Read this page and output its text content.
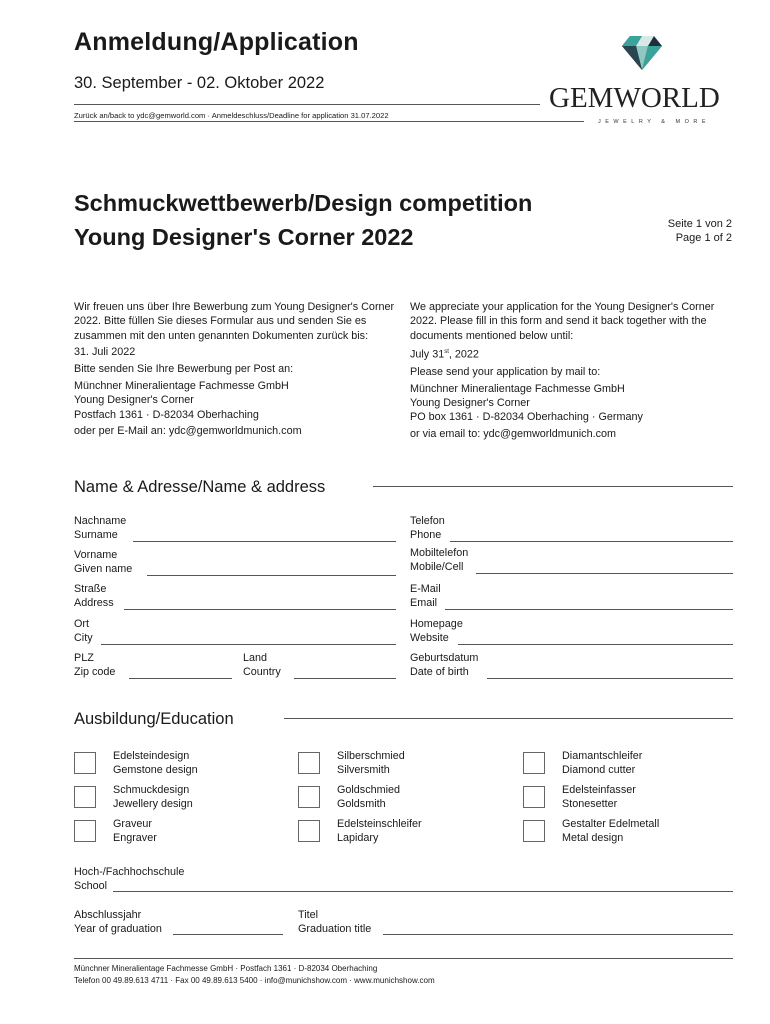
Anmeldung/Application
30. September - 02. Oktober 2022
Zurück an/back to ydc@gemworld.com · Anmeldeschluss/Deadline for application 31.07.2022
GEMWORLD
JEWELRY & MORE
Schmuckwettbewerb/Design competition
Young Designer's Corner 2022	Seite 1 von 2
Page 1 of 2

Wir freuen uns über Ihre Bewerbung zum Young Designer's Corner 2022. Bitte füllen Sie dieses Formular aus und senden Sie es zusammen mit den unten genannten Dokumenten zurück bis:

31. Juli 2022

Bitte senden Sie Ihre Bewerbung per Post an:

Münchner Mineralientage Fachmesse GmbH
Young Designer's Corner

Postfach 1361 · D-82034 Oberhaching

oder per E-Mail an: ydc@gemworldmunich.com

We appreciate your application for the Young Designer's Corner 2022. Please fill in this form and send it back together with the documents mentioned below until:

July 31st, 2022

Please send your application by mail to:

Münchner Mineralientage Fachmesse GmbH
Young Designer's Corner

PO box 1361 · D-82034 Oberhaching · Germany

or via email to: ydc@gemworldmunich.com

Name & Adresse/Name & address
Nachname
Surname
Vorname
Given name
Straße
Address
Ort
City
PLZ
Zip code
Land
Country
Telefon
Phone
Mobiltelefon
Mobile/Cell
E-Mail
Email
Homepage
Website
Geburtsdatum
Date of birth
Ausbildung/Education
Edelsteindesign
Gemstone design
Silberschmied
Silversmith
Diamantschleifer
Diamond cutter
Schmuckdesign
Jewellery design
Goldschmied
Goldsmith
Edelsteinfasser
Stonesetter
Graveur
Engraver
Edelsteinschleifer
Lapidary
Gestalter Edelmetall
Metal design
Hoch-/Fachhochschule
School
Abschlussjahr
Year of graduation
Titel
Graduation title
Münchner Mineralientage Fachmesse GmbH · Postfach 1361 · D-82034 Oberhaching
Telefon 00 49.89.613 4711 · Fax 00 49.89.613 5400 · info@munichshow.com · www.munichshow.com
